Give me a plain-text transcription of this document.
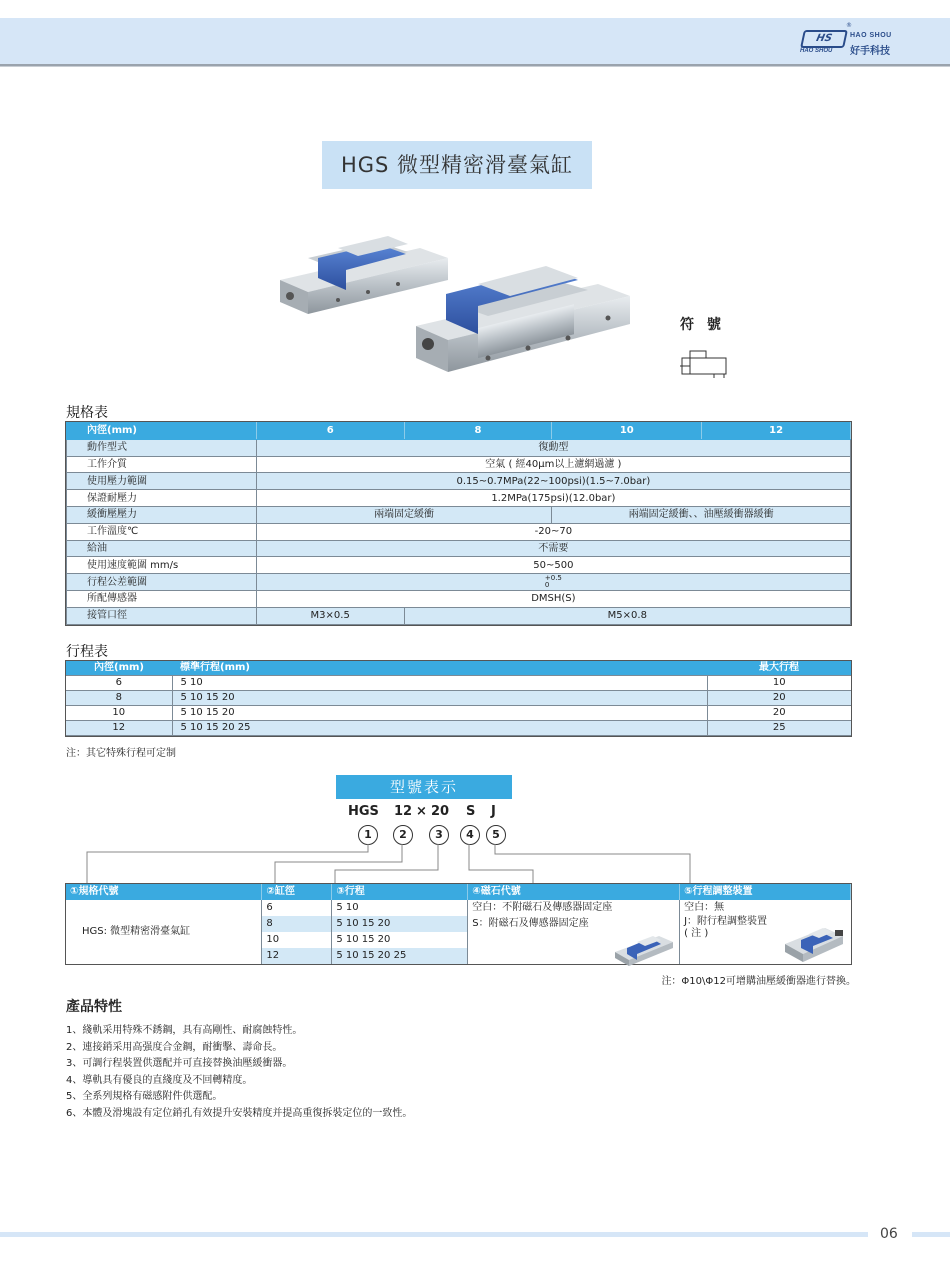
HS
®
HAO SHOU
好手科技
HAO SHOU
HGS 微型精密滑臺氣缸
符 號
規格表
內徑(mm)	6	8	10	12
動作型式	復動型			
工作介質	空氣 ( 經40μm以上濾網過濾 )			
使用壓力範圍	0.15~0.7MPa(22~100psi)(1.5~7.0bar)			
保證耐壓力	1.2MPa(175psi)(12.0bar)			
緩衝壓壓力	兩端固定緩衝		兩端固定緩衝、、油壓緩衝器緩衝	
工作溫度℃	-20~70			
給油	不需要			
使用速度範圍 mm/s	50~500			
行程公差範圍	+0.5
0			
所配傳感器	DMSH(S)			
接管口徑	M3×0.5	M5×0.8		
行程表
內徑(mm)	標準行程(mm)	最大行程
6	5 10	10
8	5 10 15 20	20
10	5 10 15 20	20
12	5 10 15 20 25	25
注：其它特殊行程可定制
型號表示
HGS 12 × 20 S J
1	2	3	4	5
①規格代號	②缸徑	③行程	④磁石代號	⑤行程調整裝置
HGS: 微型精密滑臺氣缸	6	5 10	空白：不附磁石及傳感器固定座	空白：無
	8	5 10 15 20	S：附磁石及傳感器固定座	J：附行程調整裝置
( 注 )

	10	5 10 15 20		
	12	5 10 15 20 25		
注：Φ10\Φ12可增購油壓緩衝器進行替換。
產品特性
1、綫軌采用特殊不銹鋼，具有高剛性、耐腐蝕特性。
2、連接銷采用高强度合金鋼，耐衝擊、壽命長。
3、可調行程裝置供選配并可直接替換油壓緩衝器。
4、導軌具有優良的直綫度及不回轉精度。
5、全系列規格有磁感附件供選配。
6、本體及滑塊設有定位銷孔有效提升安裝精度并提高重復拆裝定位的一致性。
06
